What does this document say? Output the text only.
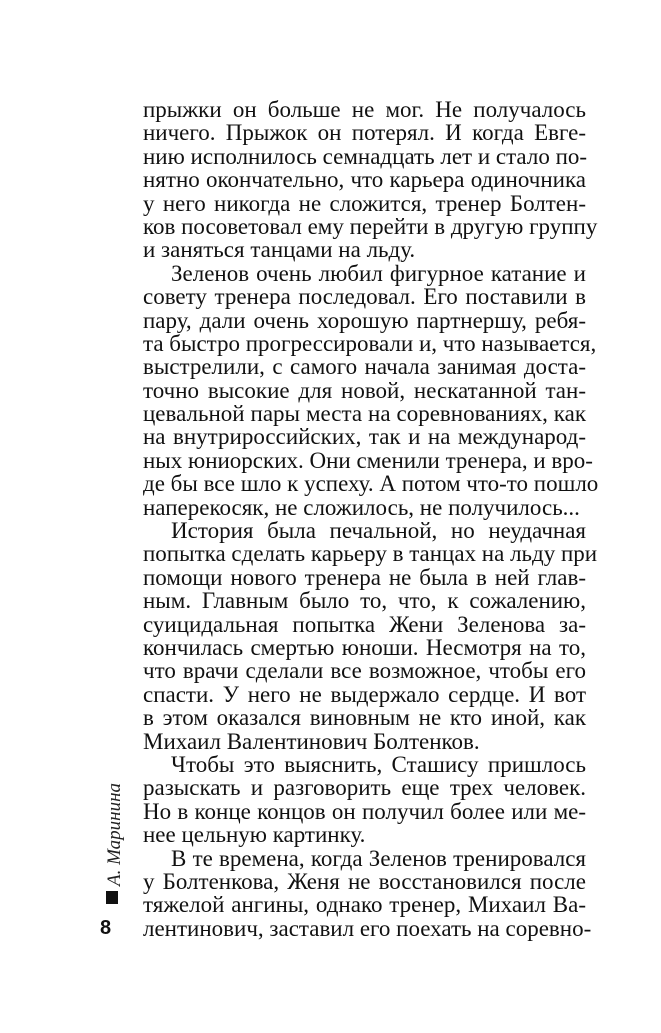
прыжки он больше не мог. Не получалось
ничего. Прыжок он потерял. И когда Евге-
нию исполнилось семнадцать лет и стало по-
нятно окончательно, что карьера одиночника
у него никогда не сложится, тренер Болтен-
ков посоветовал ему перейти в другую группу
и заняться танцами на льду.
Зеленов очень любил фигурное катание и
совету тренера последовал. Его поставили в
пару, дали очень хорошую партнершу, ребя-
та быстро прогрессировали и, что называется,
выстрелили, с самого начала занимая доста-
точно высокие для новой, нескатанной тан-
цевальной пары места на соревнованиях, как
на внутрироссийских, так и на международ-
ных юниорских. Они сменили тренера, и вро-
де бы все шло к успеху. А потом что-то пошло
наперекосяк, не сложилось, не получилось...
История была печальной, но неудачная
попытка сделать карьеру в танцах на льду при
помощи нового тренера не была в ней глав-
ным. Главным было то, что, к сожалению,
суицидальная попытка Жени Зеленова за-
кончилась смертью юноши. Несмотря на то,
что врачи сделали все возможное, чтобы его
спасти. У него не выдержало сердце. И вот
в этом оказался виновным не кто иной, как
Михаил Валентинович Болтенков.
Чтобы это выяснить, Сташису пришлось
разыскать и разговорить еще трех человек.
Но в конце концов он получил более или ме-
нее цельную картинку.
В те времена, когда Зеленов тренировался
у Болтенкова, Женя не восстановился после
тяжелой ангины, однако тренер, Михаил Ва-
лентинович, заставил его поехать на соревно-
А. Маринина
8
